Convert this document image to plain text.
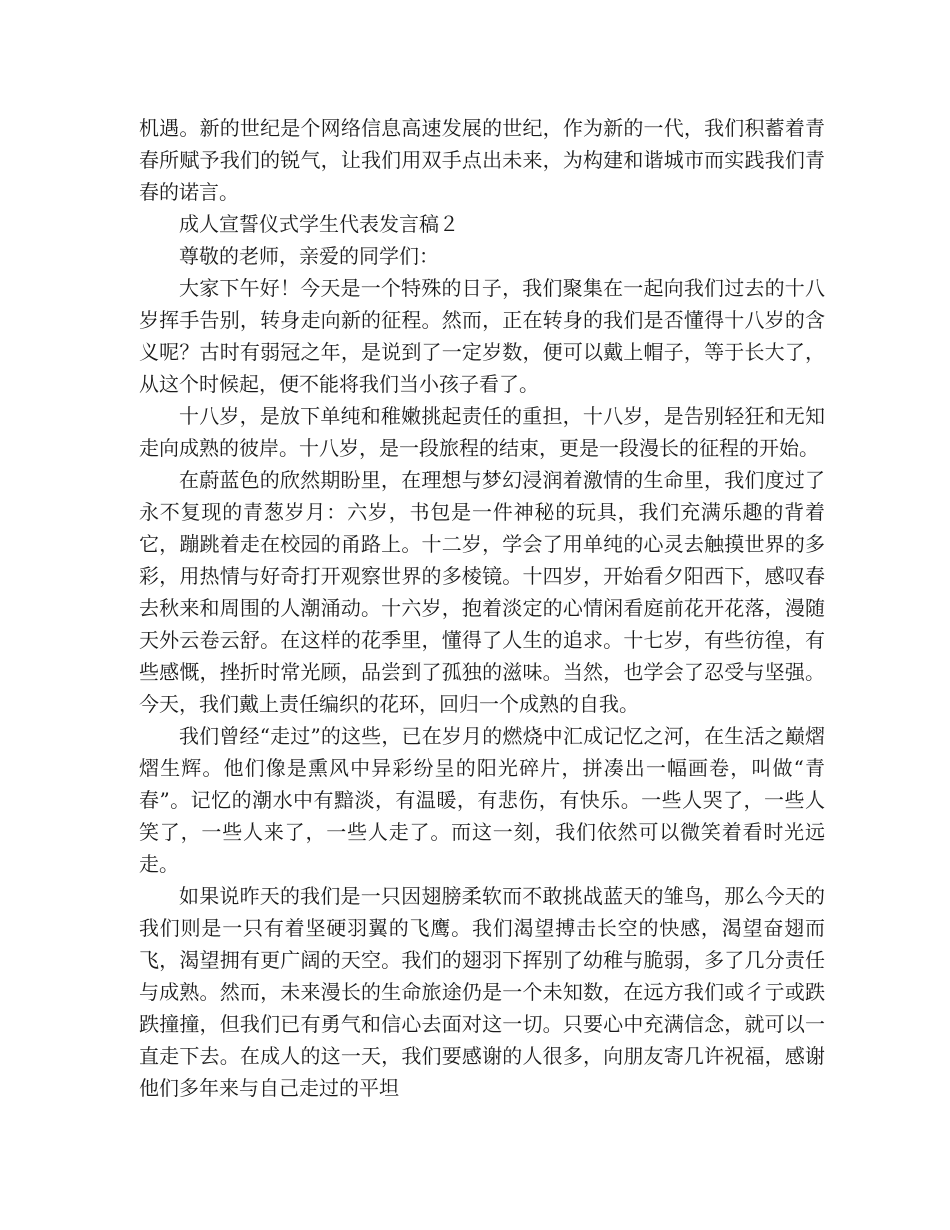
机遇。新的世纪是个网络信息高速发展的世纪，作为新的一代，我们积蓄着青春所赋予我们的锐气，让我们用双手点出未来，为构建和谐城市而实践我们青春的诺言。

成人宣誓仪式学生代表发言稿２

尊敬的老师，亲爱的同学们：

大家下午好！今天是一个特殊的日子，我们聚集在一起向我们过去的十八岁挥手告别，转身走向新的征程。然而，正在转身的我们是否懂得十八岁的含义呢？古时有弱冠之年，是说到了一定岁数，便可以戴上帽子，等于长大了，从这个时候起，便不能将我们当小孩子看了。

十八岁，是放下单纯和稚嫩挑起责任的重担，十八岁，是告别轻狂和无知走向成熟的彼岸。十八岁，是一段旅程的结束，更是一段漫长的征程的开始。

在蔚蓝色的欣然期盼里，在理想与梦幻浸润着激情的生命里，我们度过了永不复现的青葱岁月：六岁，书包是一件神秘的玩具，我们充满乐趣的背着它，蹦跳着走在校园的甬路上。十二岁，学会了用单纯的心灵去触摸世界的多彩，用热情与好奇打开观察世界的多棱镜。十四岁，开始看夕阳西下，感叹春去秋来和周围的人潮涌动。十六岁，抱着淡定的心情闲看庭前花开花落，漫随天外云卷云舒。在这样的花季里，懂得了人生的追求。十七岁，有些彷徨，有些感慨，挫折时常光顾，品尝到了孤独的滋味。当然，也学会了忍受与坚强。今天，我们戴上责任编织的花环，回归一个成熟的自我。

我们曾经“走过”的这些，已在岁月的燃烧中汇成记忆之河，在生活之巅熠熠生辉。他们像是熏风中异彩纷呈的阳光碎片，拼凑出一幅画卷，叫做“青春”。记忆的潮水中有黯淡，有温暖，有悲伤，有快乐。一些人哭了，一些人笑了，一些人来了，一些人走了。而这一刻，我们依然可以微笑着看时光远走。

如果说昨天的我们是一只因翅膀柔软而不敢挑战蓝天的雏鸟，那么今天的我们则是一只有着坚硬羽翼的飞鹰。我们渴望搏击长空的快感，渴望奋翅而飞，渴望拥有更广阔的天空。我们的翅羽下挥别了幼稚与脆弱，多了几分责任与成熟。然而，未来漫长的生命旅途仍是一个未知数，在远方我们或彳亍或跌跌撞撞，但我们已有勇气和信心去面对这一切。只要心中充满信念，就可以一直走下去。在成人的这一天，我们要感谢的人很多，向朋友寄几许祝福，感谢他们多年来与自己走过的平坦
